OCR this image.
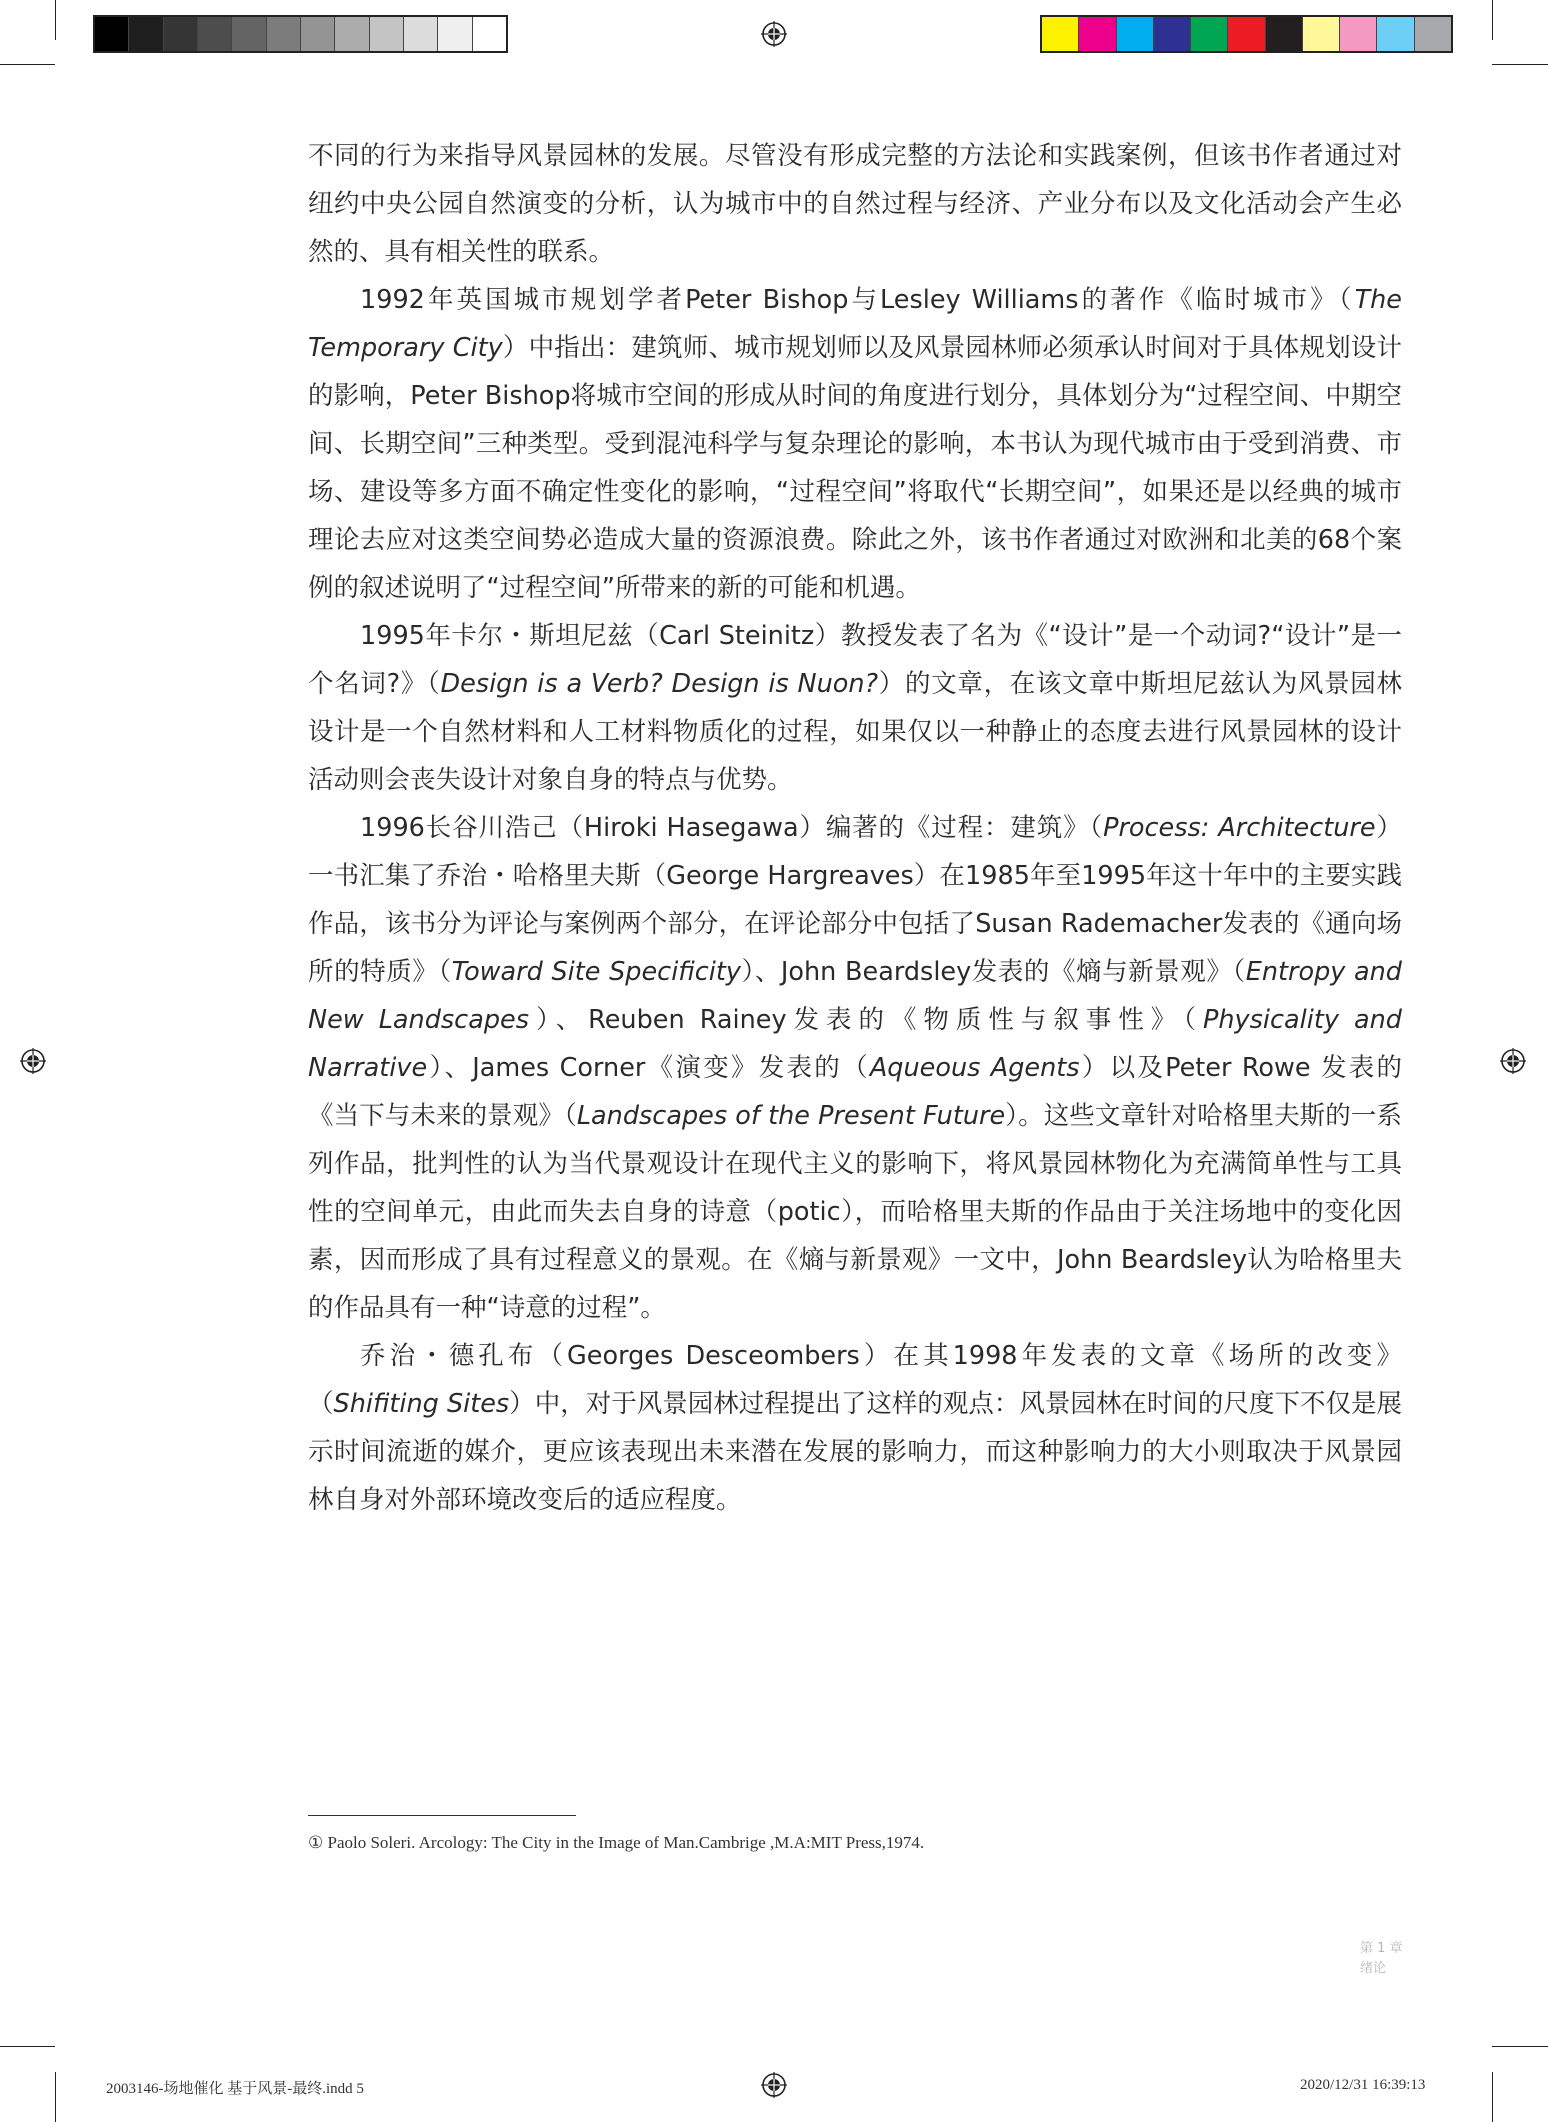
不同的行为来指导风景园林的发展。尽管没有形成完整的方法论和实践案例，但该书作者通过对纽约中央公园自然演变的分析，认为城市中的自然过程与经济、产业分布以及文化活动会产生必然的、具有相关性的联系。

1992年英国城市规划学者Peter Bishop与Lesley Williams的著作《临时城市》（The Temporary City）中指出：建筑师、城市规划师以及风景园林师必须承认时间对于具体规划设计的影响，Peter Bishop将城市空间的形成从时间的角度进行划分，具体划分为“过程空间、中期空间、长期空间”三种类型。受到混沌科学与复杂理论的影响，本书认为现代城市由于受到消费、市场、建设等多方面不确定性变化的影响，“过程空间”将取代“长期空间”，如果还是以经典的城市理论去应对这类空间势必造成大量的资源浪费。除此之外，该书作者通过对欧洲和北美的68个案例的叙述说明了“过程空间”所带来的新的可能和机遇。

1995年卡尔・斯坦尼兹（Carl Steinitz）教授发表了名为《“设计”是一个动词?“设计”是一个名词?》（Design is a Verb? Design is Nuon?）的文章，在该文章中斯坦尼兹认为风景园林设计是一个自然材料和人工材料物质化的过程，如果仅以一种静止的态度去进行风景园林的设计活动则会丧失设计对象自身的特点与优势。

1996长谷川浩己（Hiroki Hasegawa）编著的《过程：建筑》（Process: Architecture）一书汇集了乔治・哈格里夫斯（George Hargreaves）在1985年至1995年这十年中的主要实践作品，该书分为评论与案例两个部分，在评论部分中包括了Susan Rademacher发表的《通向场所的特质》（Toward Site Specificity）、John Beardsley发表的《熵与新景观》（Entropy and New Landscapes）、Reuben Rainey发表的《物质性与叙事性》（Physicality and Narrative）、James Corner《演变》发表的（Aqueous Agents）以及Peter Rowe 发表的《当下与未来的景观》（Landscapes of the Present Future）。这些文章针对哈格里夫斯的一系列作品，批判性的认为当代景观设计在现代主义的影响下，将风景园林物化为充满简单性与工具性的空间单元，由此而失去自身的诗意（potic），而哈格里夫斯的作品由于关注场地中的变化因素，因而形成了具有过程意义的景观。在《熵与新景观》一文中，John Beardsley认为哈格里夫的作品具有一种“诗意的过程”。

乔治・德孔布（Georges Desceombers）在其1998年发表的文章《场所的改变》（Shifiting Sites）中，对于风景园林过程提出了这样的观点：风景园林在时间的尺度下不仅是展示时间流逝的媒介，更应该表现出未来潜在发展的影响力，而这种影响力的大小则取决于风景园林自身对外部环境改变后的适应程度。

① Paolo Soleri. Arcology: The City in the Image of Man.Cambrige ,M.A:MIT Press,1974.
第 1 章
绪论
2003146-场地催化 基于风景-最终.indd 5	2020/12/31 16:39:13
